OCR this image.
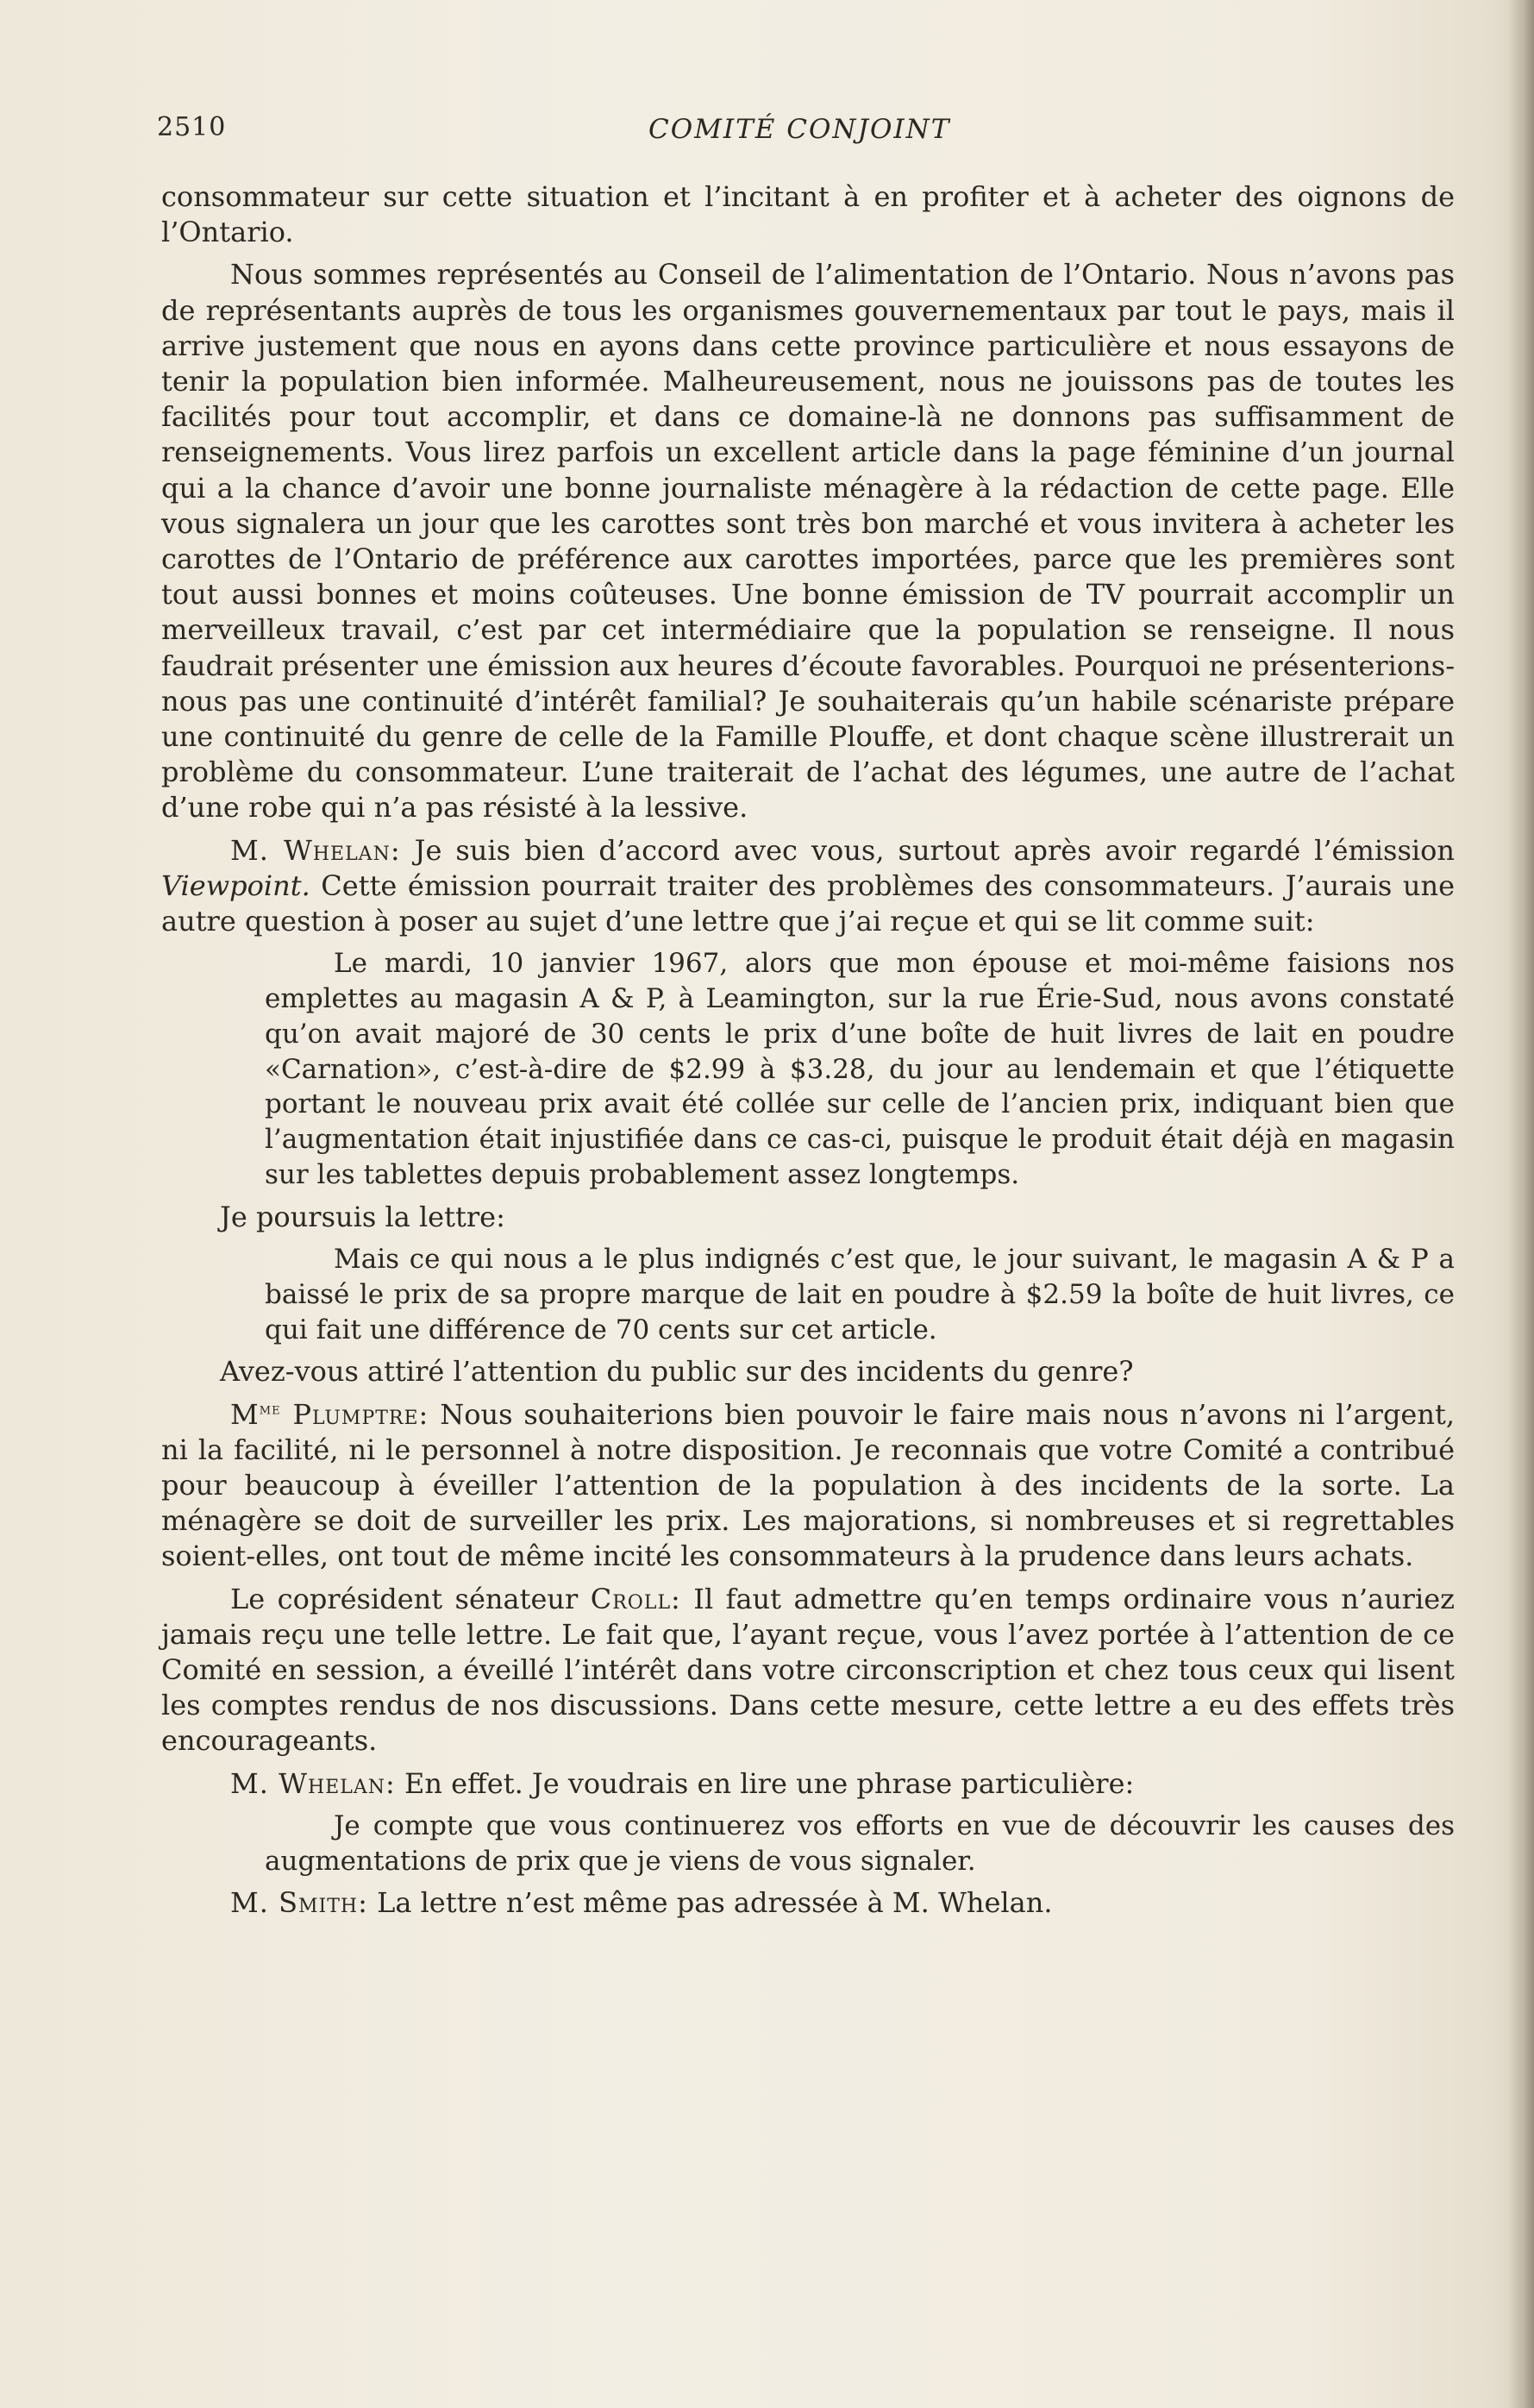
2510	COMITÉ CONJOINT

consommateur sur cette situation et l’incitant à en profiter et à acheter des oignons de l’Ontario.

Nous sommes représentés au Conseil de l’alimentation de l’Ontario. Nous n’avons pas de représentants auprès de tous les organismes gouvernementaux par tout le pays, mais il arrive justement que nous en ayons dans cette province particulière et nous essayons de tenir la population bien informée. Malheureusement, nous ne jouissons pas de toutes les facilités pour tout accomplir, et dans ce domaine-là ne donnons pas suffisamment de renseignements. Vous lirez parfois un excellent article dans la page féminine d’un journal qui a la chance d’avoir une bonne journaliste ménagère à la rédaction de cette page. Elle vous signalera un jour que les carottes sont très bon marché et vous invitera à acheter les carottes de l’Ontario de préférence aux carottes importées, parce que les premières sont tout aussi bonnes et moins coûteuses. Une bonne émission de TV pourrait accomplir un merveilleux travail, c’est par cet intermédiaire que la population se renseigne. Il nous faudrait présenter une émission aux heures d’écoute favorables. Pourquoi ne présenterions-nous pas une continuité d’intérêt familial? Je souhaiterais qu’un habile scénariste prépare une continuité du genre de celle de la Famille Plouffe, et dont chaque scène illustrerait un problème du consommateur. L’une traiterait de l’achat des légumes, une autre de l’achat d’une robe qui n’a pas résisté à la lessive.

M. Whelan: Je suis bien d’accord avec vous, surtout après avoir regardé l’émission Viewpoint. Cette émission pourrait traiter des problèmes des consommateurs. J’aurais une autre question à poser au sujet d’une lettre que j’ai reçue et qui se lit comme suit:

Le mardi, 10 janvier 1967, alors que mon épouse et moi-même faisions nos emplettes au magasin A & P, à Leamington, sur la rue Érie-Sud, nous avons constaté qu’on avait majoré de 30 cents le prix d’une boîte de huit livres de lait en poudre «Carnation», c’est-à-dire de $2.99 à $3.28, du jour au lendemain et que l’étiquette portant le nouveau prix avait été collée sur celle de l’ancien prix, indiquant bien que l’augmentation était injustifiée dans ce cas-ci, puisque le produit était déjà en magasin sur les tablettes depuis probablement assez longtemps.

Je poursuis la lettre:

Mais ce qui nous a le plus indignés c’est que, le jour suivant, le magasin A & P a baissé le prix de sa propre marque de lait en poudre à $2.59 la boîte de huit livres, ce qui fait une différence de 70 cents sur cet article.

Avez-vous attiré l’attention du public sur des incidents du genre?

$M^{me}$ Plumptre: Nous souhaiterions bien pouvoir le faire mais nous n’avons ni l’argent, ni la facilité, ni le personnel à notre disposition. Je reconnais que votre Comité a contribué pour beaucoup à éveiller l’attention de la population à des incidents de la sorte. La ménagère se doit de surveiller les prix. Les majorations, si nombreuses et si regrettables soient-elles, ont tout de même incité les consommateurs à la prudence dans leurs achats.

Le coprésident sénateur Croll: Il faut admettre qu’en temps ordinaire vous n’auriez jamais reçu une telle lettre. Le fait que, l’ayant reçue, vous l’avez portée à l’attention de ce Comité en session, a éveillé l’intérêt dans votre circonscription et chez tous ceux qui lisent les comptes rendus de nos discussions. Dans cette mesure, cette lettre a eu des effets très encourageants.

M. Whelan: En effet. Je voudrais en lire une phrase particulière:

Je compte que vous continuerez vos efforts en vue de découvrir les causes des augmentations de prix que je viens de vous signaler.

M. Smith: La lettre n’est même pas adressée à M. Whelan.
